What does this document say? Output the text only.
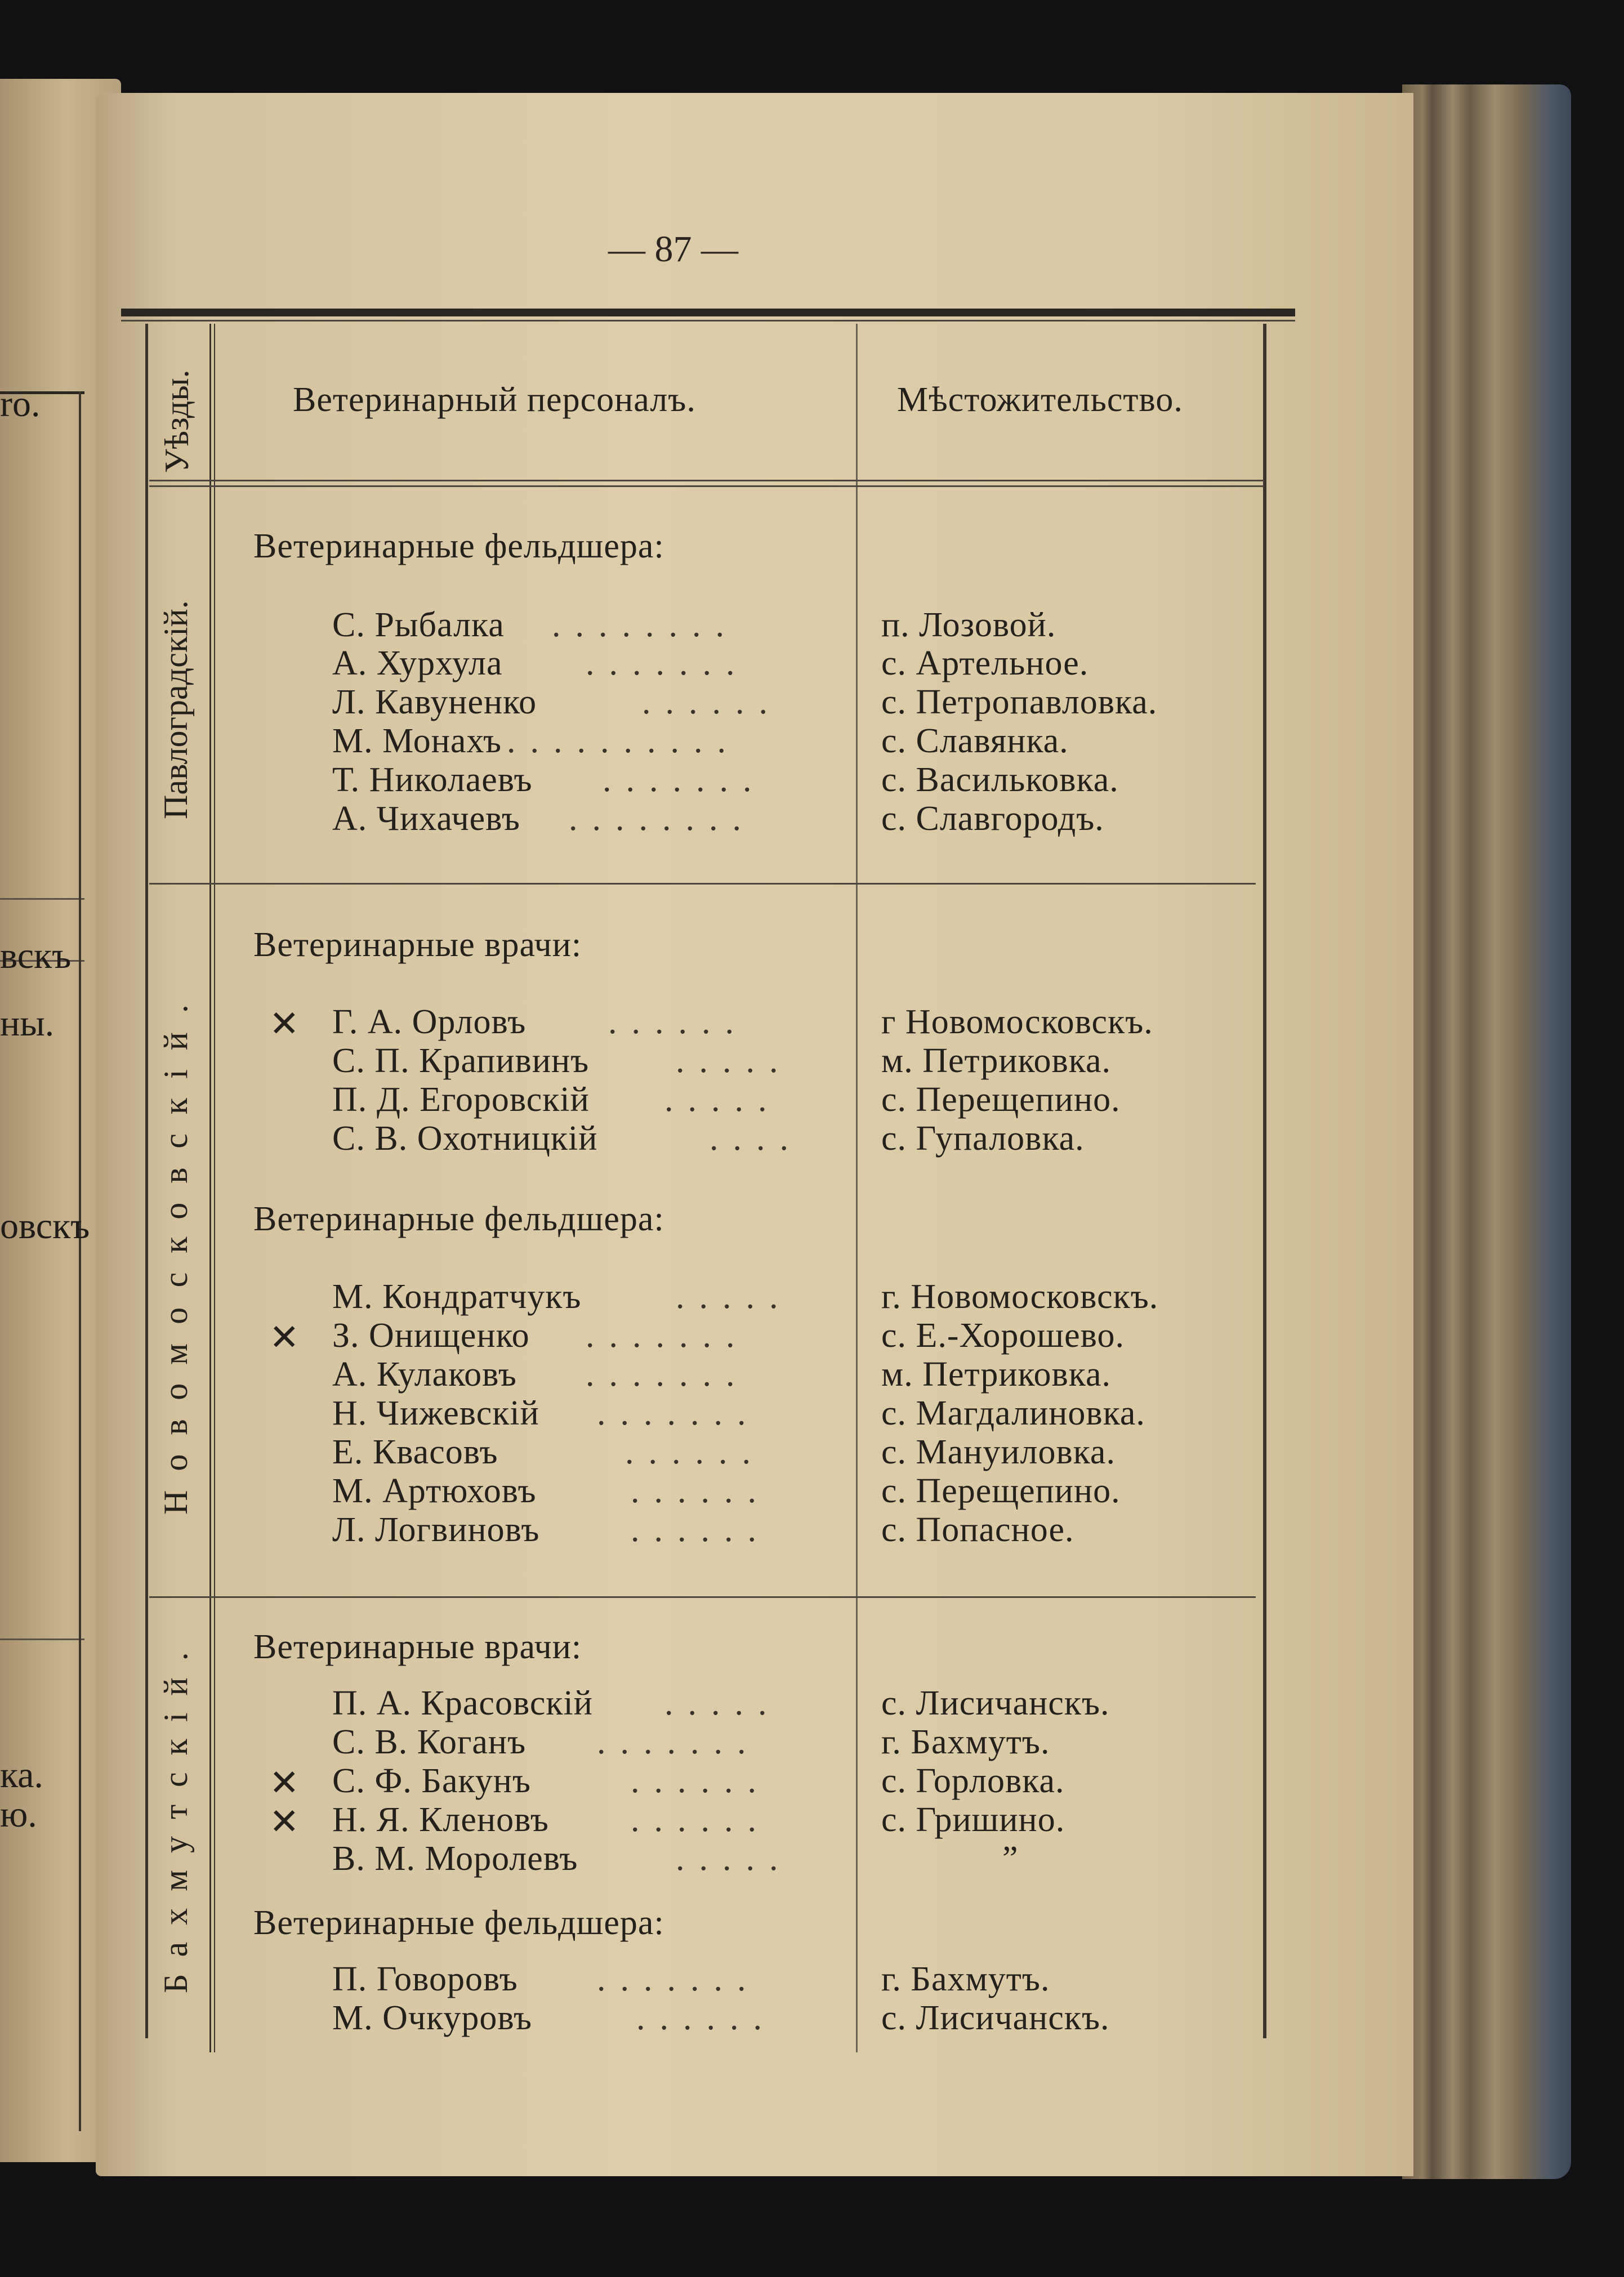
ro.
вскъ
ны.
овскъ
ка.
ю.
— 87 —
Уѣзды.	Ветеринарный персоналъ.	Мѣстожительство.
Павлоградскій.
Ветеринарные фельдшера:
С. Рыбалка ........	п. Лозовой.
А. Хурхула .......	с. Артельное.
Л. Кавуненко	......	с. Петропавловка.
М. Монахъ ..........	с. Славянка.
Т. Николаевъ .......	с. Васильковка.
А. Чихачевъ ........	с. Славгородъ.
Новомосковскій.
Ветеринарные врачи:
✕ Г. А. Орловъ ......	г Новомосковскъ.
С. П. Крапивинъ .....	м. Петриковка.
П. Д. Егоровскій .....	с. Перещепино.
С. В. Охотницкій	.... с. Гупаловка.
Ветеринарные фельдшера:
М. Кондратчукъ	.....	г. Новомосковскъ.
✕ З. Онищенко .......	с. Е.-Хорошево.
А. Кулаковъ .......	м. Петриковка.
Н. Чижевскій .......	с. Магдалиновка.
Е. Квасовъ	......	с. Мануиловка.
М. Артюховъ	......	с. Перещепино.
Л. Логвиновъ	......	с. Попасное.
Бахмутскій. Ветеринарные врачи:
П. А. Красовскій .....	с. Лисичанскъ.
С. В. Коганъ .......	г. Бахмутъ.
✕ С. Ф. Бакунъ	......	с. Горловка.
✕ Н. Я. Кленовъ ......	с. Гришино.
В. М. Моролевъ	.....	”
Ветеринарные фельдшера:
П. Говоровъ .......	г. Бахмутъ.
М. Очкуровъ	......	с. Лисичанскъ.
